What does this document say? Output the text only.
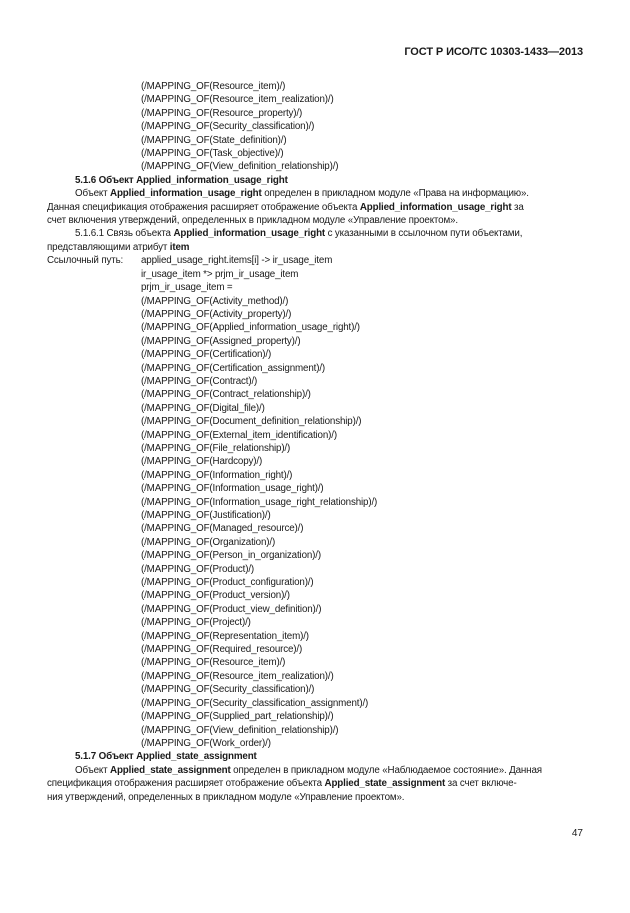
ГОСТ Р ИСО/ТС 10303-1433—2013
(/MAPPING_OF(Resource_item)/)
(/MAPPING_OF(Resource_item_realization)/)
(/MAPPING_OF(Resource_property)/)
(/MAPPING_OF(Security_classification)/)
(/MAPPING_OF(State_definition)/)
(/MAPPING_OF(Task_objective)/)
(/MAPPING_OF(View_definition_relationship)/)
5.1.6 Объект Applied_information_usage_right
Объект Applied_information_usage_right определен в прикладном модуле «Права на информацию».
Данная спецификация отображения расширяет отображение объекта Applied_information_usage_right за
счет включения утверждений, определенных в прикладном модуле «Управление проектом».
5.1.6.1 Связь объекта Applied_information_usage_right с указанными в ссылочном пути объектами,
представляющими атрибут item
Ссылочный путь:	applied_usage_right.items[i] -> ir_usage_item
ir_usage_item *> prjm_ir_usage_item
prjm_ir_usage_item =
(/MAPPING_OF(Activity_method)/)
(/MAPPING_OF(Activity_property)/)
(/MAPPING_OF(Applied_information_usage_right)/)
(/MAPPING_OF(Assigned_property)/)
(/MAPPING_OF(Certification)/)
(/MAPPING_OF(Certification_assignment)/)
(/MAPPING_OF(Contract)/)
(/MAPPING_OF(Contract_relationship)/)
(/MAPPING_OF(Digital_file)/)
(/MAPPING_OF(Document_definition_relationship)/)
(/MAPPING_OF(External_item_identification)/)
(/MAPPING_OF(File_relationship)/)
(/MAPPING_OF(Hardcopy)/)
(/MAPPING_OF(Information_right)/)
(/MAPPING_OF(Information_usage_right)/)
(/MAPPING_OF(Information_usage_right_relationship)/)
(/MAPPING_OF(Justification)/)
(/MAPPING_OF(Managed_resource)/)
(/MAPPING_OF(Organization)/)
(/MAPPING_OF(Person_in_organization)/)
(/MAPPING_OF(Product)/)
(/MAPPING_OF(Product_configuration)/)
(/MAPPING_OF(Product_version)/)
(/MAPPING_OF(Product_view_definition)/)
(/MAPPING_OF(Project)/)
(/MAPPING_OF(Representation_item)/)
(/MAPPING_OF(Required_resource)/)
(/MAPPING_OF(Resource_item)/)
(/MAPPING_OF(Resource_item_realization)/)
(/MAPPING_OF(Security_classification)/)
(/MAPPING_OF(Security_classification_assignment)/)
(/MAPPING_OF(Supplied_part_relationship)/)
(/MAPPING_OF(View_definition_relationship)/)
(/MAPPING_OF(Work_order)/)
5.1.7 Объект Applied_state_assignment
Объект Applied_state_assignment определен в прикладном модуле «Наблюдаемое состояние». Данная
спецификация отображения расширяет отображение объекта Applied_state_assignment за счет включе-
ния утверждений, определенных в прикладном модуле «Управление проектом».
47
